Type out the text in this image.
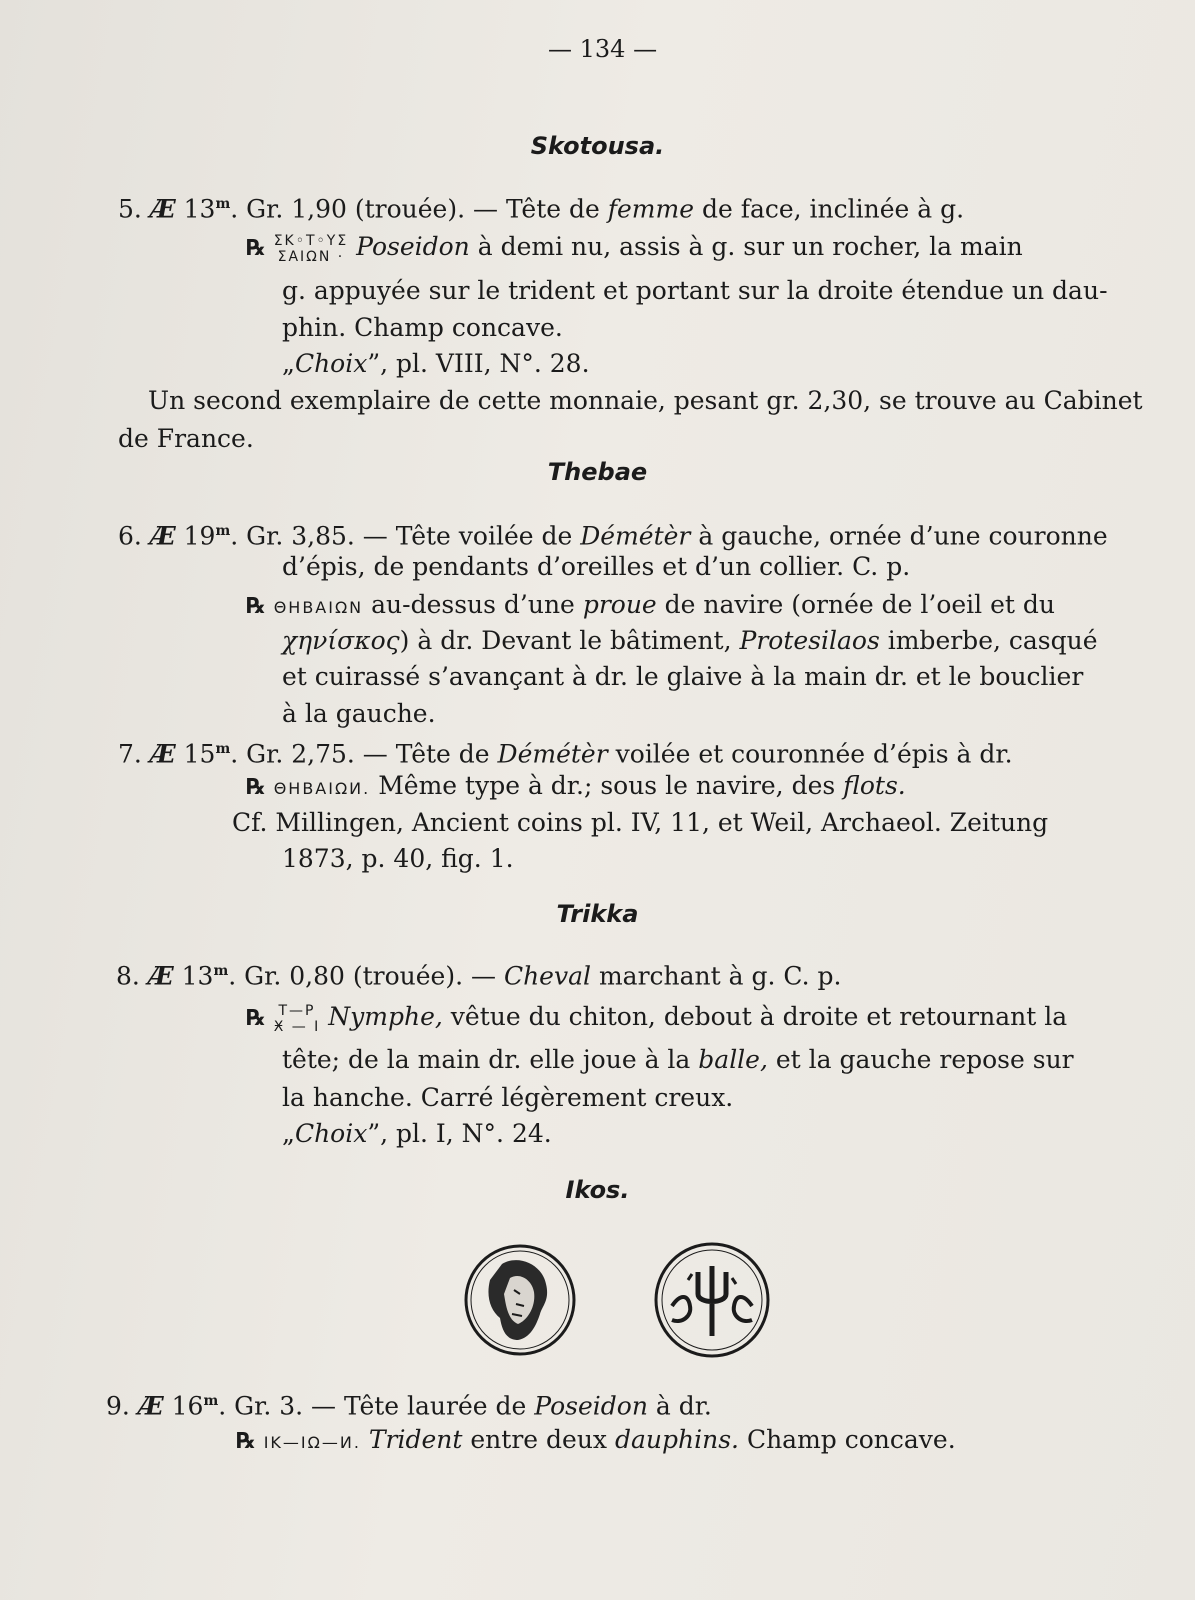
— 134 —
Skotousa.
5. Æ 13$^m$. Gr. 1,90 (trouée). — Tête de femme de face, inclinée à g.
℞ ΣΚ◦Τ◦ΥΣ
ΣΑΙΩΝ · Poseidon à demi nu, assis à g. sur un rocher, la main
g. appuyée sur le trident et portant sur la droite étendue un dau-
phin. Champ concave.
„Choix”, pl. VIII, N°. 28.
Un second exemplaire de cette monnaie, pesant gr. 2,30, se trouve au Cabinet
de France.
Thebae
6. Æ 19$^m$. Gr. 3,85. — Tête voilée de Démétèr à gauche, ornée d’une couronne
d’épis, de pendants d’oreilles et d’un collier. C. p.
℞ ΘΗΒΑΙΩΝ au-dessus d’une proue de navire (ornée de l’oeil et du
χηνίσκος) à dr. Devant le bâtiment, Protesilaos imberbe, casqué
et cuirassé s’avançant à dr. le glaive à la main dr. et le bouclier
à la gauche.
7. Æ 15$^m$. Gr. 2,75. — Tête de Démétèr voilée et couronnée d’épis à dr.
℞ ΘΗΒΑΙΩИ. Même type à dr.; sous le navire, des flots.
Cf. Millingen, Ancient coins pl. IV, 11, et Weil, Archaeol. Zeitung
1873, p. 40, fig. 1.
Trikka
8. Æ 13$^m$. Gr. 0,80 (trouée). — Cheval marchant à g. C. p.
℞ Τ—Ρ
Ӿ — Ι Nymphe, vêtue du chiton, debout à droite et retournant la
tête; de la main dr. elle joue à la balle, et la gauche repose sur
la hanche. Carré légèrement creux.
„Choix”, pl. I, N°. 24.
Ikos.
9. Æ 16$^m$. Gr. 3. — Tête laurée de Poseidon à dr.
℞ ΙΚ—ΙΩ—И. Trident entre deux dauphins. Champ concave.
